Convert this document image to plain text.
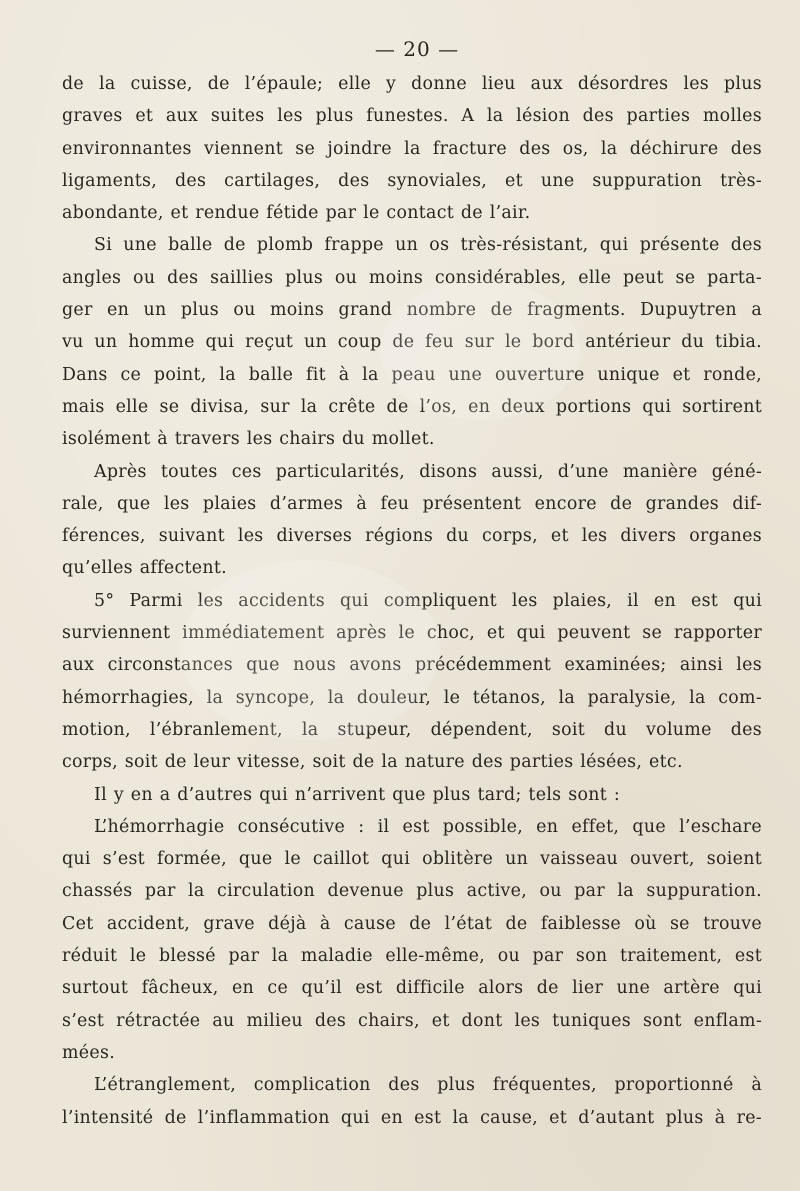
— 20 —
de la cuisse, de l’épaule; elle y donne lieu aux désordres les plus
graves et aux suites les plus funestes. A la lésion des parties molles
environnantes viennent se joindre la fracture des os, la déchirure des
ligaments, des cartilages, des synoviales, et une suppuration très-
abondante, et rendue fétide par le contact de l’air.
Si une balle de plomb frappe un os très-résistant, qui présente des
angles ou des saillies plus ou moins considérables, elle peut se parta-
ger en un plus ou moins grand nombre de fragments. Dupuytren a
vu un homme qui reçut un coup de feu sur le bord antérieur du tibia.
Dans ce point, la balle fit à la peau une ouverture unique et ronde,
mais elle se divisa, sur la crête de l’os, en deux portions qui sortirent
isolément à travers les chairs du mollet.
Après toutes ces particularités, disons aussi, d’une manière géné-
rale, que les plaies d’armes à feu présentent encore de grandes dif-
férences, suivant les diverses régions du corps, et les divers organes
qu’elles affectent.
5° Parmi les accidents qui compliquent les plaies, il en est qui
surviennent immédiatement après le choc, et qui peuvent se rapporter
aux circonstances que nous avons précédemment examinées; ainsi les
hémorrhagies, la syncope, la douleur, le tétanos, la paralysie, la com-
motion, l’ébranlement, la stupeur, dépendent, soit du volume des
corps, soit de leur vitesse, soit de la nature des parties lésées, etc.
Il y en a d’autres qui n’arrivent que plus tard; tels sont :
L’hémorrhagie consécutive : il est possible, en effet, que l’eschare
qui s’est formée, que le caillot qui oblitère un vaisseau ouvert, soient
chassés par la circulation devenue plus active, ou par la suppuration.
Cet accident, grave déjà à cause de l’état de faiblesse où se trouve
réduit le blessé par la maladie elle-même, ou par son traitement, est
surtout fâcheux, en ce qu’il est difficile alors de lier une artère qui
s’est rétractée au milieu des chairs, et dont les tuniques sont enflam-
mées.
L’étranglement, complication des plus fréquentes, proportionné à
l’intensité de l’inflammation qui en est la cause, et d’autant plus à re-
